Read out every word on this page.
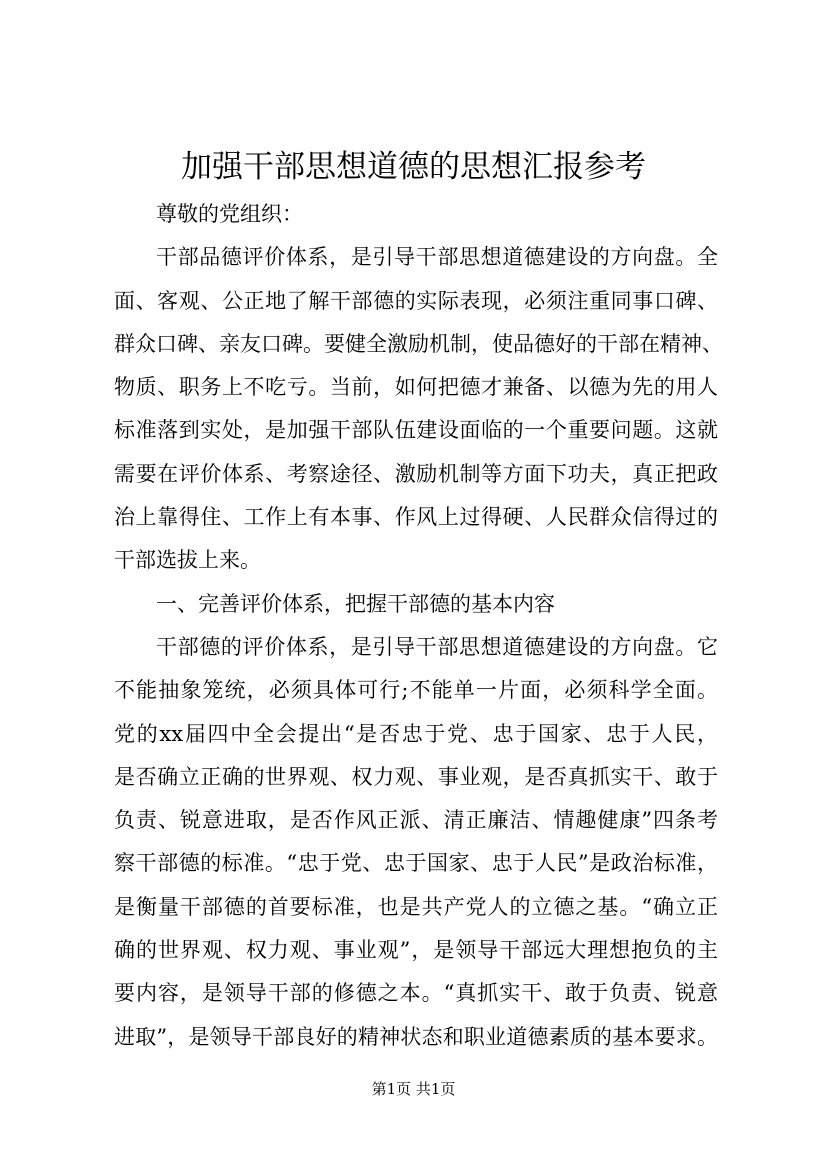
加强干部思想道德的思想汇报参考
尊敬的党组织：
干部品德评价体系，是引导干部思想道德建设的方向盘。全
面、客观、公正地了解干部德的实际表现，必须注重同事口碑、
群众口碑、亲友口碑。要健全激励机制，使品德好的干部在精神、
物质、职务上不吃亏。当前，如何把德才兼备、以德为先的用人
标准落到实处，是加强干部队伍建设面临的一个重要问题。这就
需要在评价体系、考察途径、激励机制等方面下功夫，真正把政
治上靠得住、工作上有本事、作风上过得硬、人民群众信得过的
干部选拔上来。
一、完善评价体系，把握干部德的基本内容
干部德的评价体系，是引导干部思想道德建设的方向盘。它
不能抽象笼统，必须具体可行;不能单一片面，必须科学全面。
党的xx届四中全会提出“是否忠于党、忠于国家、忠于人民，
是否确立正确的世界观、权力观、事业观，是否真抓实干、敢于
负责、锐意进取，是否作风正派、清正廉洁、情趣健康”四条考
察干部德的标准。“忠于党、忠于国家、忠于人民”是政治标准，
是衡量干部德的首要标准，也是共产党人的立德之基。“确立正
确的世界观、权力观、事业观”，是领导干部远大理想抱负的主
要内容，是领导干部的修德之本。“真抓实干、敢于负责、锐意
进取”，是领导干部良好的精神状态和职业道德素质的基本要求。
第1页 共1页
